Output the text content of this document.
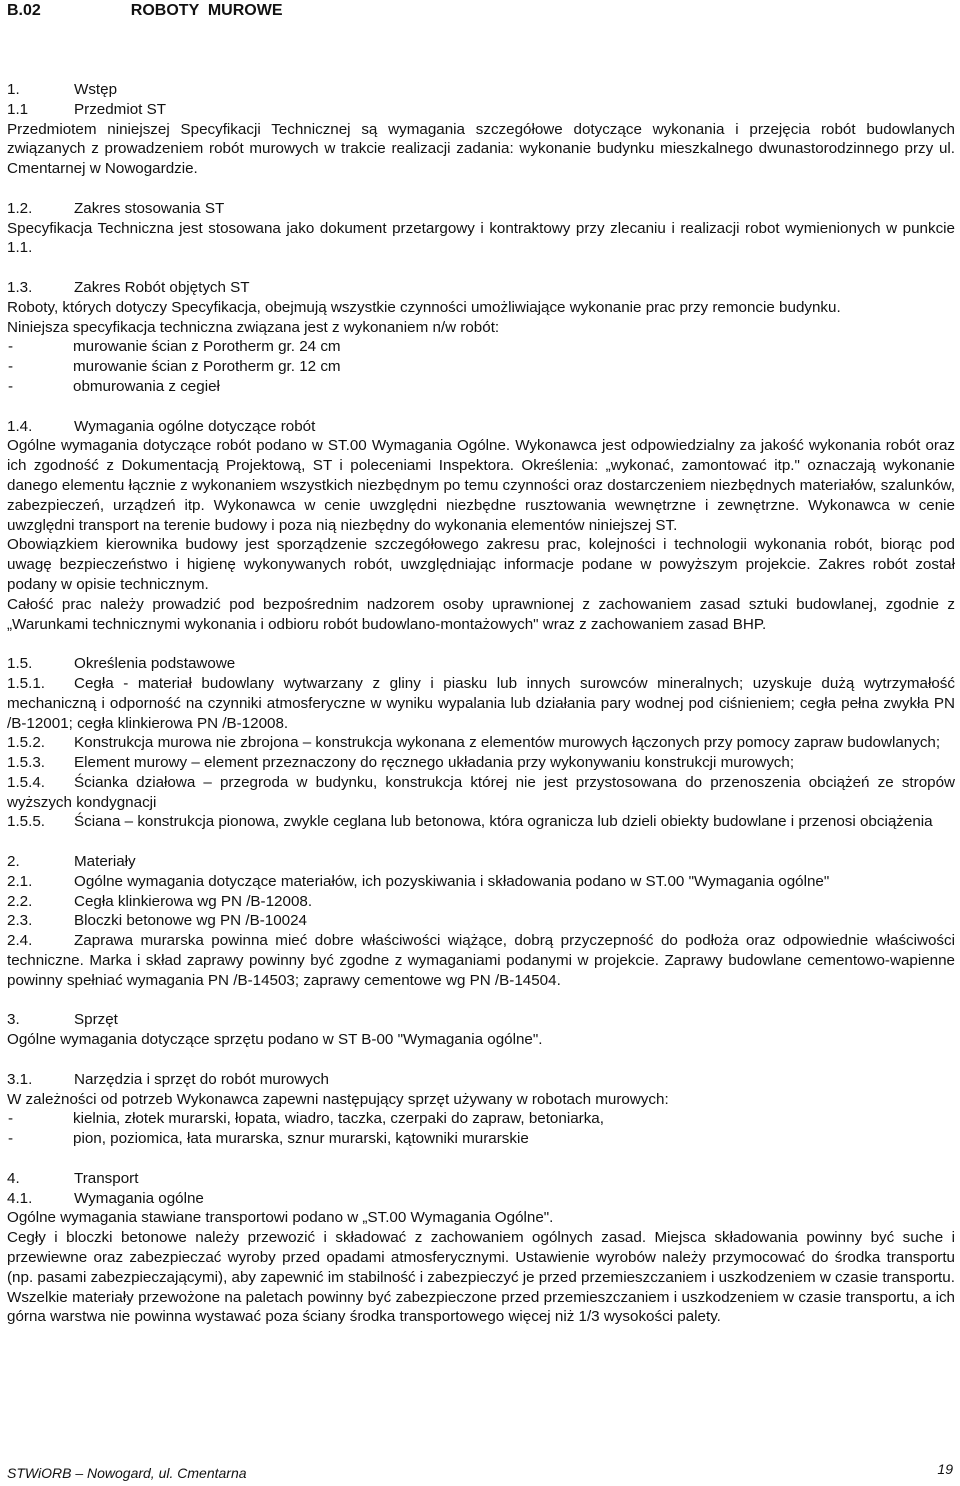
B.02	ROBOTY  MUROWE
1.	Wstęp
1.1	Przedmiot ST

Przedmiotem niniejszej Specyfikacji Technicznej są wymagania szczegółowe dotyczące wykonania i przejęcia robót budowlanych związanych z prowadzeniem robót murowych w trakcie realizacji zadania: wykonanie budynku mieszkalnego dwunastorodzinnego przy ul. Cmentarnej w Nowogardzie.

1.2.	Zakres stosowania ST

Specyfikacja Techniczna jest stosowana jako dokument przetargowy i kontraktowy przy zlecaniu i realizacji robot wymienionych w punkcie 1.1.

1.3.	Zakres Robót objętych ST

Roboty, których dotyczy Specyfikacja, obejmują wszystkie czynności umożliwiające wykonanie prac przy remoncie budynku.

Niniejsza specyfikacja techniczna związana jest z wykonaniem n/w robót:

-	murowanie ścian z Porotherm gr. 24 cm
-	murowanie ścian z Porotherm gr. 12 cm
-	obmurowania z cegieł
1.4.	Wymagania ogólne dotyczące robót

Ogólne wymagania dotyczące robót podano w ST.00 Wymagania Ogólne. Wykonawca jest odpowiedzialny za jakość wykonania robót oraz ich zgodność z Dokumentacją Projektową, ST i poleceniami Inspektora. Określenia: „wykonać, zamontować itp." oznaczają wykonanie danego elementu łącznie z wykonaniem wszystkich niezbędnym po temu czynności oraz dostarczeniem niezbędnych materiałów, szalunków, zabezpieczeń, urządzeń itp. Wykonawca w cenie uwzględni niezbędne rusztowania wewnętrzne i zewnętrzne. Wykonawca w cenie uwzględni transport na terenie budowy i poza nią niezbędny do wykonania elementów niniejszej ST.

Obowiązkiem kierownika budowy jest sporządzenie szczegółowego zakresu prac, kolejności i technologii wykonania robót, biorąc pod uwagę bezpieczeństwo i higienę wykonywanych robót, uwzględniając informacje podane w powyższym projekcie. Zakres robót został podany w opisie technicznym.

Całość prac należy prowadzić pod bezpośrednim nadzorem osoby uprawnionej z zachowaniem zasad sztuki budowlanej, zgodnie z „Warunkami technicznymi wykonania i odbioru robót budowlano-montażowych" wraz z zachowaniem zasad BHP.

1.5.	Określenia podstawowe

1.5.1. Cegła - materiał budowlany wytwarzany z gliny i piasku lub innych surowców mineralnych; uzyskuje dużą wytrzymałość mechaniczną i odporność na czynniki atmosferyczne w wyniku wypalania lub działania pary wodnej pod ciśnieniem; cegła pełna zwykła PN /B-12001; cegła klinkierowa PN /B-12008.

1.5.2. Konstrukcja murowa nie zbrojona – konstrukcja wykonana z elementów murowych łączonych przy pomocy zapraw budowlanych;

1.5.3. Element murowy – element przeznaczony do ręcznego układania przy wykonywaniu konstrukcji murowych;

1.5.4. Ścianka działowa – przegroda w budynku, konstrukcja której nie jest przystosowana do przenoszenia obciążeń ze stropów wyższych kondygnacji

1.5.5. Ściana – konstrukcja pionowa, zwykle ceglana lub betonowa, która ogranicza lub dzieli obiekty budowlane i przenosi obciążenia

2.	Materiały

2.1.	Ogólne wymagania dotyczące materiałów, ich pozyskiwania i składowania podano w ST.00 "Wymagania ogólne"

2.2.	Cegła klinkierowa wg PN /B-12008.

2.3.	Bloczki betonowe wg PN /B-10024

2.4.	Zaprawa murarska powinna mieć dobre właściwości wiążące, dobrą przyczepność do podłoża oraz odpowiednie właściwości techniczne. Marka i skład zaprawy powinny być zgodne z wymaganiami podanymi w projekcie. Zaprawy budowlane cementowo-wapienne powinny spełniać wymagania PN /B-14503; zaprawy cementowe wg PN /B-14504.

3.	Sprzęt

Ogólne wymagania dotyczące sprzętu podano w ST B-00 "Wymagania ogólne".

3.1.	Narzędzia i sprzęt do robót murowych

W zależności od potrzeb Wykonawca zapewni następujący sprzęt używany w robotach murowych:

-	kielnia, złotek murarski, łopata, wiadro, taczka, czerpaki do zapraw, betoniarka,
-	pion, poziomica, łata murarska, sznur murarski, kątowniki murarskie
4.	Transport
4.1.	Wymagania ogólne

Ogólne wymagania stawiane transportowi podano w „ST.00 Wymagania Ogólne".

Cegły i bloczki betonowe należy przewozić i składować z zachowaniem ogólnych zasad. Miejsca składowania powinny być suche i przewiewne oraz zabezpieczać wyroby przed opadami atmosferycznymi. Ustawienie wyrobów należy przymocować do środka transportu (np. pasami zabezpieczającymi), aby zapewnić im stabilność i zabezpieczyć je przed przemieszczaniem i uszkodzeniem w czasie transportu.

Wszelkie materiały przewożone na paletach powinny być zabezpieczone przed przemieszczaniem i uszkodzeniem w czasie transportu, a ich górna warstwa nie powinna wystawać poza ściany środka transportowego więcej niż 1/3 wysokości palety.

STWiORB – Nowogard, ul. Cmentarna	19
